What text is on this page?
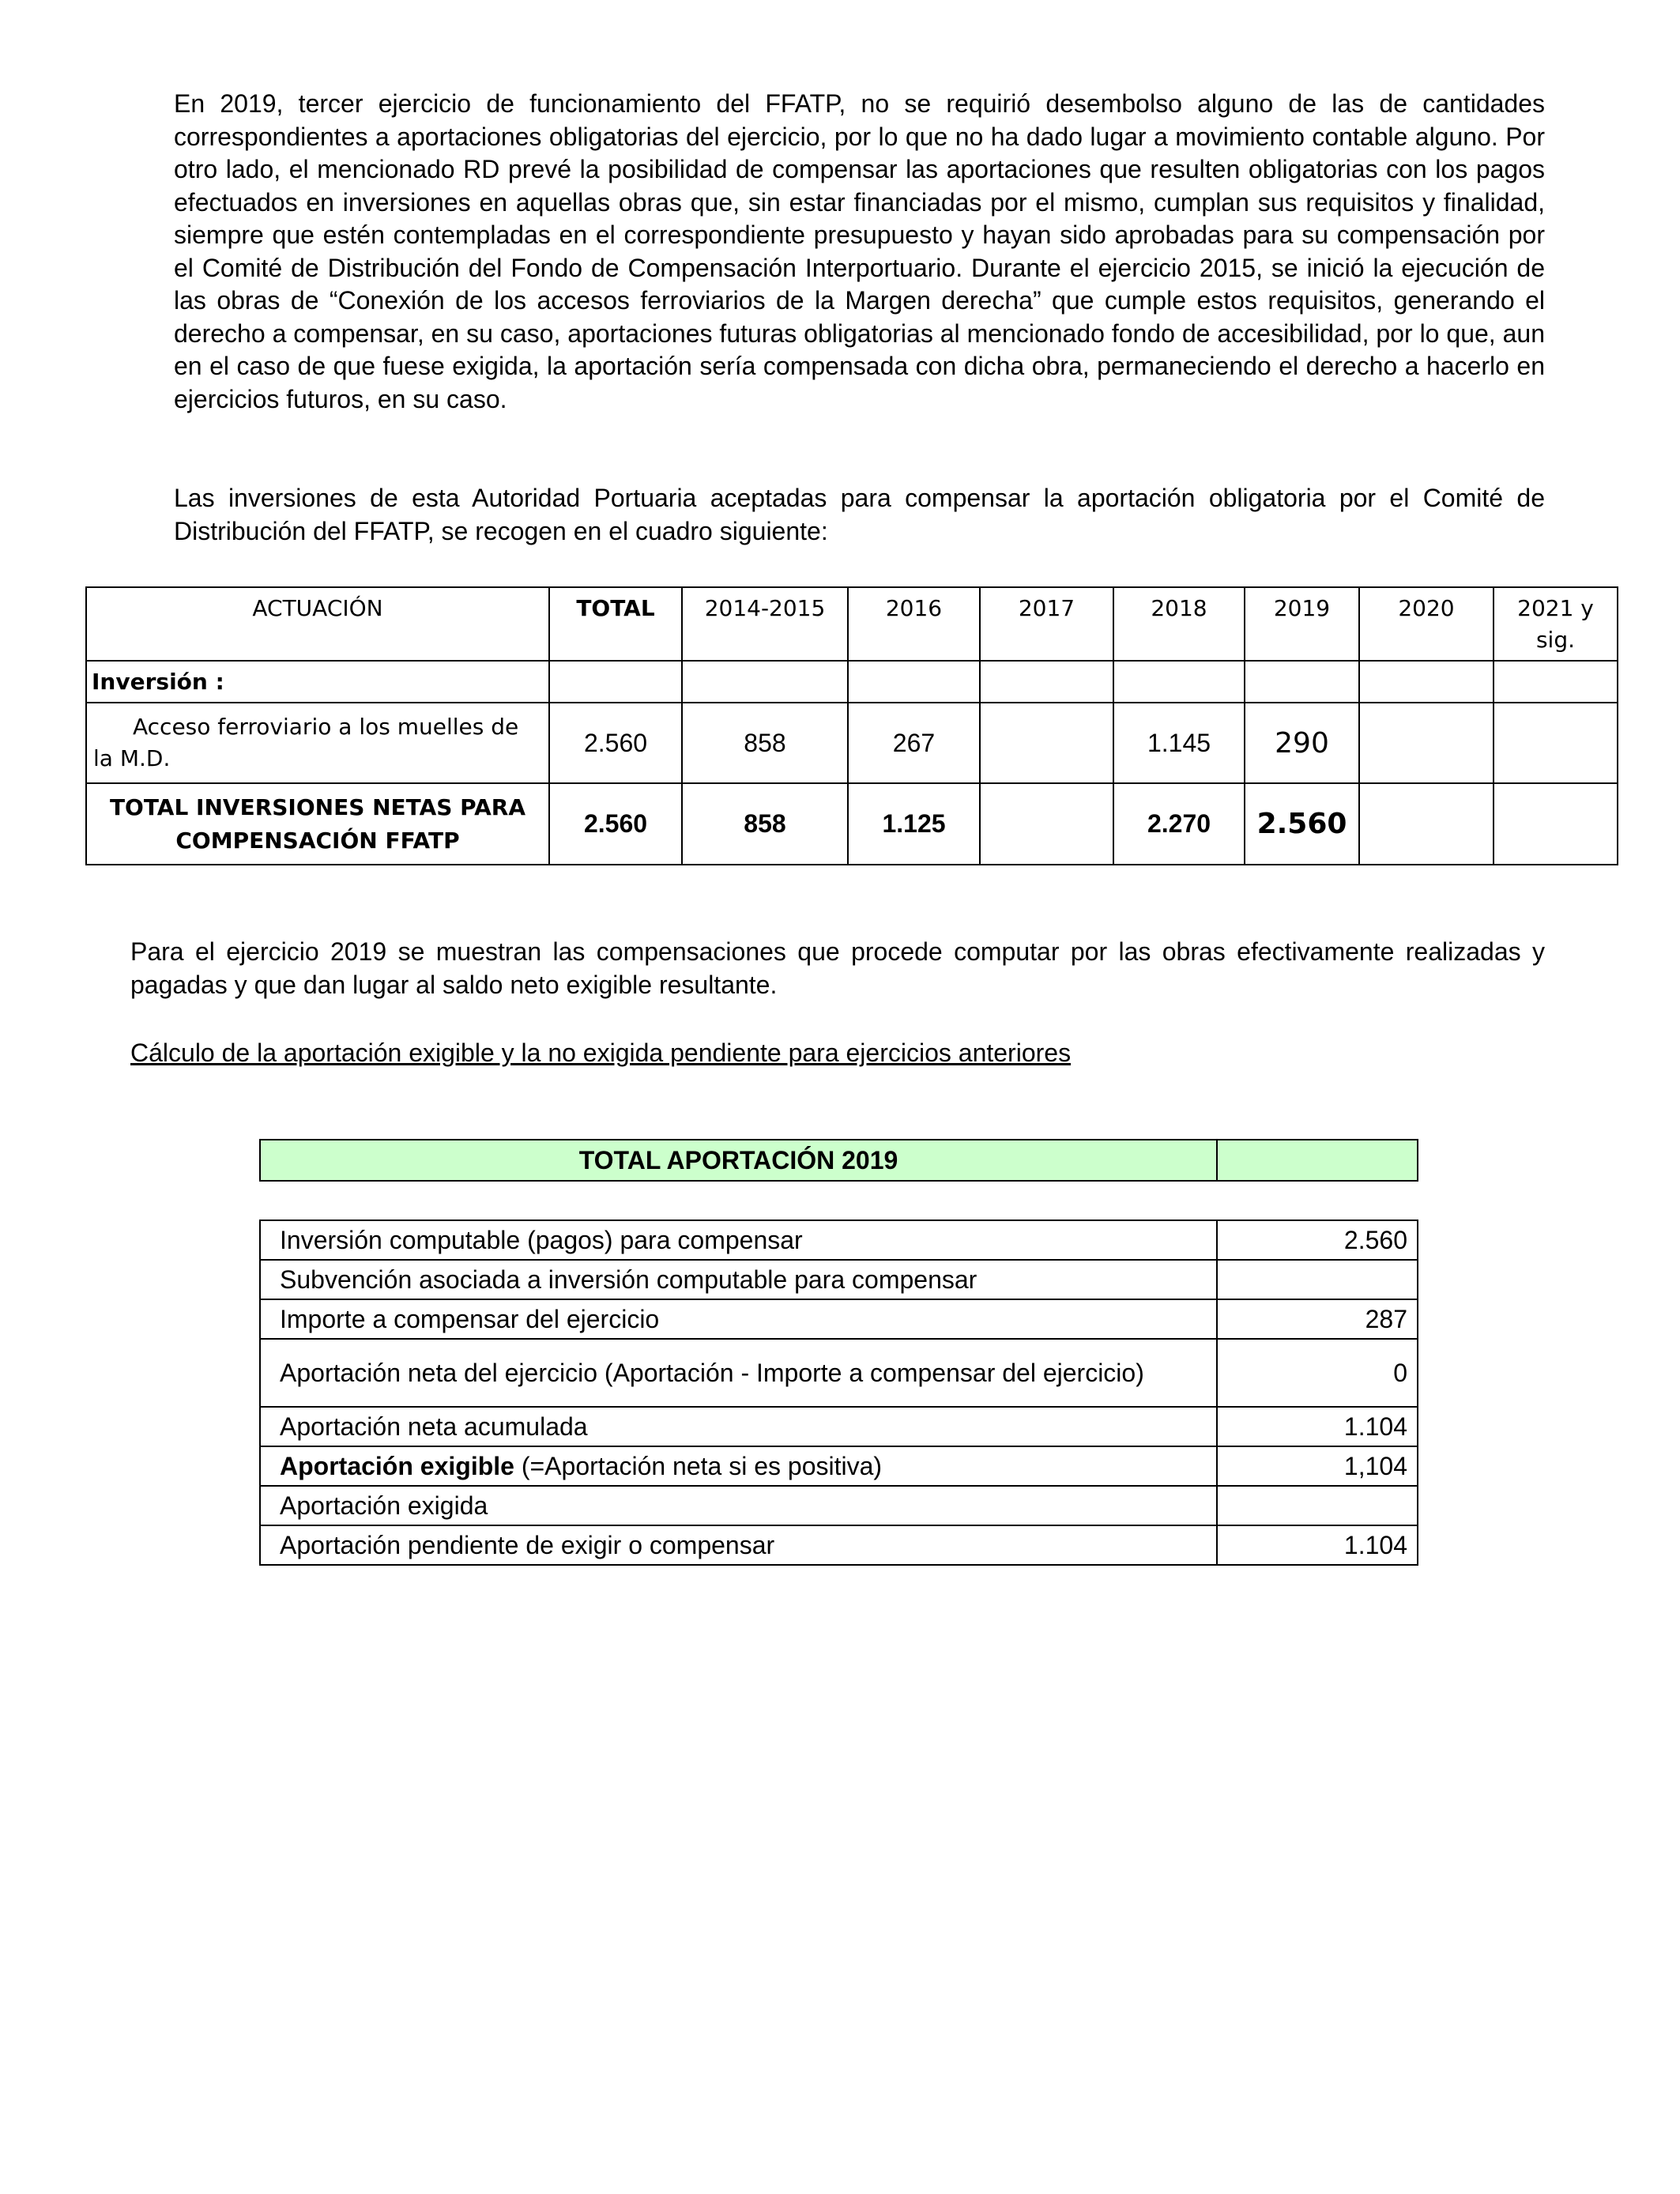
En 2019, tercer ejercicio de funcionamiento del FFATP, no se requirió desembolso alguno de las de cantidades correspondientes a aportaciones obligatorias del ejercicio, por lo que no ha dado lugar a movimiento contable alguno. Por otro lado, el mencionado RD prevé la posibilidad de compensar las aportaciones que resulten obligatorias con los pagos efectuados en inversiones en aquellas obras que, sin estar financiadas por el mismo, cumplan sus requisitos y finalidad, siempre que estén contempladas en el correspondiente presupuesto y hayan sido aprobadas para su compensación por el Comité de Distribución del Fondo de Compensación Interportuario. Durante el ejercicio 2015, se inició la ejecución de las obras de “Conexión de los accesos ferroviarios de la Margen derecha” que cumple estos requisitos, generando el derecho a compensar, en su caso, aportaciones futuras obligatorias al mencionado fondo de accesibilidad, por lo que, aun en el caso de que fuese exigida, la aportación sería compensada con dicha obra, permaneciendo el derecho a hacerlo en ejercicios futuros, en su caso.
Las inversiones de esta Autoridad Portuaria aceptadas para compensar la aportación obligatoria por el Comité de Distribución del FFATP, se recogen en el cuadro siguiente:
ACTUACIÓN	TOTAL	2014-2015	2016	2017	2018	2019	2020	2021 y sig.
Inversión :								
Acceso ferroviario a los muelles de la M.D.	2.560	858	267		1.145	290		
TOTAL INVERSIONES NETAS PARA COMPENSACIÓN FFATP	2.560	858	1.125		2.270	2.560		
Para el ejercicio 2019 se muestran las compensaciones que procede computar por las obras efectivamente realizadas y pagadas y que dan lugar al saldo neto exigible resultante.
Cálculo de la aportación exigible y la no exigida pendiente para ejercicios anteriores
TOTAL APORTACIÓN 2019	
Inversión computable (pagos) para compensar	2.560
Subvención asociada a inversión computable para compensar	
Importe a compensar del ejercicio	287
Aportación neta del ejercicio (Aportación - Importe a compensar del ejercicio)	0
Aportación neta acumulada	1.104
Aportación exigible (=Aportación neta si es positiva)	1,104
Aportación exigida	
Aportación pendiente de exigir o compensar	1.104
